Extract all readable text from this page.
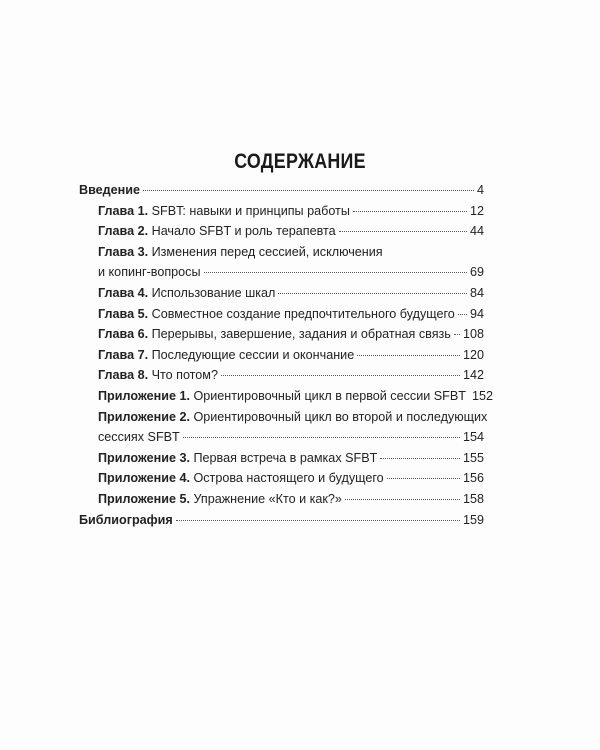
СОДЕРЖАНИЕ
Введение	4
Глава 1. SFBT: навыки и принципы работы	12
Глава 2. Начало SFBT и роль терапевта	44
Глава 3. Изменения перед сессией, исключения
и копинг-вопросы	69
Глава 4. Использование шкал	84
Глава 5. Совместное создание предпочтительного будущего 94
Глава 6. Перерывы, завершение, задания и обратная связь 108
Глава 7. Последующие сессии и окончание	120
Глава 8. Что потом?	142
Приложение 1. Ориентировочный цикл в первой сессии SFBT 152
Приложение 2. Ориентировочный цикл во второй и последующих
сессиях SFBT	154
Приложение 3. Первая встреча в рамках SFBT	155
Приложение 4. Острова настоящего и будущего	156
Приложение 5. Упражнение «Кто и как?»	158
Библиография	159
